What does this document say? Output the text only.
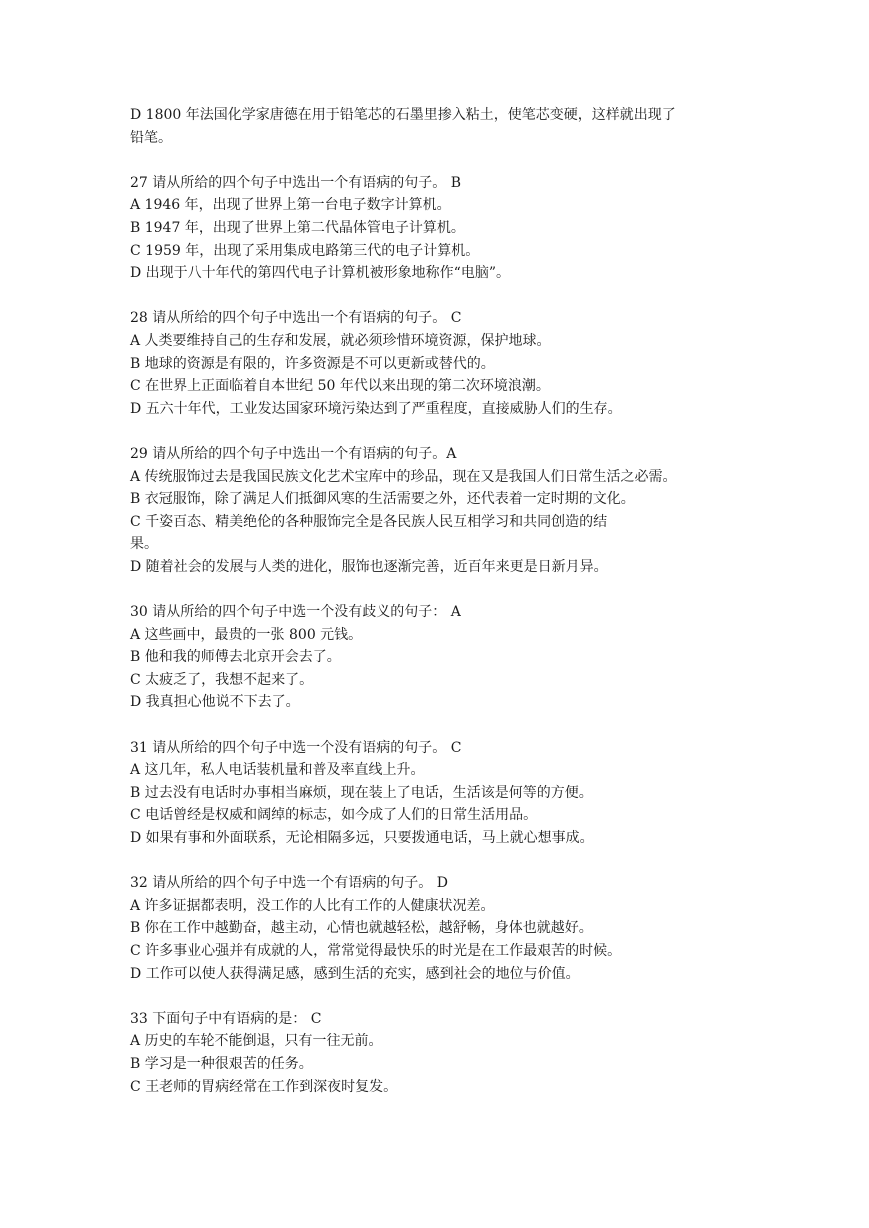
D 1800 年法国化学家唐德在用于铅笔芯的石墨里掺入粘土，使笔芯变硬，这样就出现了
铅笔。
27 请从所给的四个句子中选出一个有语病的句子。 B
A 1946 年，出现了世界上第一台电子数字计算机。
B 1947 年，出现了世界上第二代晶体管电子计算机。
C 1959 年，出现了采用集成电路第三代的电子计算机。
D 出现于八十年代的第四代电子计算机被形象地称作“电脑”。
28 请从所给的四个句子中选出一个有语病的句子。 C
A 人类要维持自己的生存和发展，就必须珍惜环境资源，保护地球。
B 地球的资源是有限的，许多资源是不可以更新或替代的。
C 在世界上正面临着自本世纪 50 年代以来出现的第二次环境浪潮。
D 五六十年代，工业发达国家环境污染达到了严重程度，直接威胁人们的生存。
29 请从所给的四个句子中选出一个有语病的句子。A
A 传统服饰过去是我国民族文化艺术宝库中的珍品，现在又是我国人们日常生活之必需。
B 衣冠服饰，除了满足人们抵御风寒的生活需要之外，还代表着一定时期的文化。
C 千姿百态、精美绝伦的各种服饰完全是各民族人民互相学习和共同创造的结
果。
D 随着社会的发展与人类的进化，服饰也逐渐完善，近百年来更是日新月异。
30 请从所给的四个句子中选一个没有歧义的句子： A
A 这些画中，最贵的一张 800 元钱。
B 他和我的师傅去北京开会去了。
C 太疲乏了，我想不起来了。
D 我真担心他说不下去了。
31 请从所给的四个句子中选一个没有语病的句子。 C
A 这几年，私人电话装机量和普及率直线上升。
B 过去没有电话时办事相当麻烦，现在装上了电话，生活该是何等的方便。
C 电话曾经是权威和阔绰的标志，如今成了人们的日常生活用品。
D 如果有事和外面联系，无论相隔多远，只要拨通电话，马上就心想事成。
32 请从所给的四个句子中选一个有语病的句子。 D
A 许多证据都表明，没工作的人比有工作的人健康状况差。
B 你在工作中越勤奋，越主动，心情也就越轻松，越舒畅，身体也就越好。
C 许多事业心强并有成就的人，常常觉得最快乐的时光是在工作最艰苦的时候。
D 工作可以使人获得满足感，感到生活的充实，感到社会的地位与价值。
33 下面句子中有语病的是： C
A 历史的车轮不能倒退，只有一往无前。
B 学习是一种很艰苦的任务。
C 王老师的胃病经常在工作到深夜时复发。
